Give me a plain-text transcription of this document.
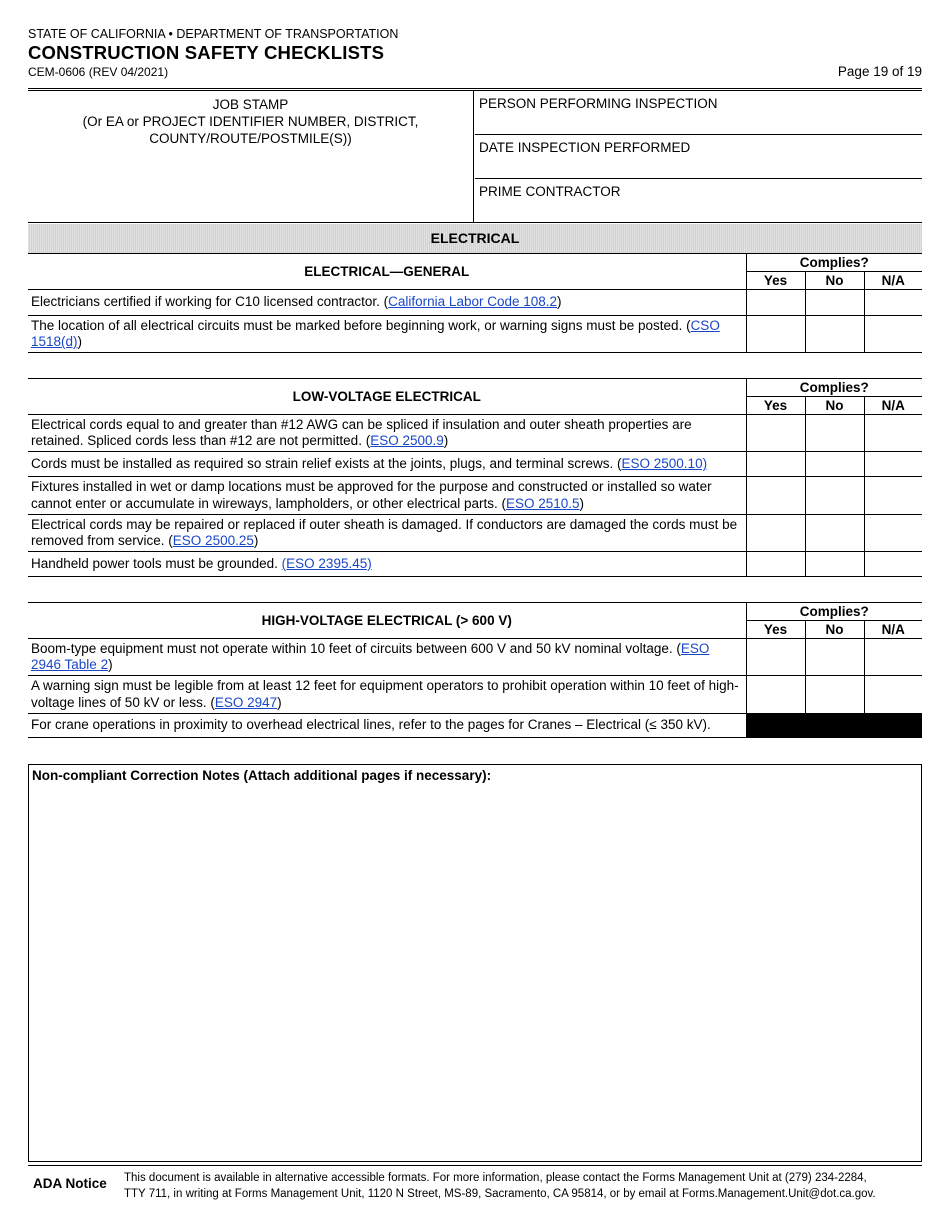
STATE OF CALIFORNIA • DEPARTMENT OF TRANSPORTATION
CONSTRUCTION SAFETY CHECKLISTS
CEM-0606 (REV 04/2021)	Page 19 of 19
JOB STAMP
(Or EA or PROJECT IDENTIFIER NUMBER, DISTRICT,
COUNTY/ROUTE/POSTMILE(S))
PERSON PERFORMING INSPECTION
DATE INSPECTION PERFORMED
PRIME CONTRACTOR
ELECTRICAL
ELECTRICAL—GENERAL	Complies?		
	Yes	No	N/A
Electricians certified if working for C10 licensed contractor. (California Labor Code 108.2)			
The location of all electrical circuits must be marked before beginning work, or warning signs must be posted. (CSO 1518(d))			
LOW-VOLTAGE ELECTRICAL	Complies?		
	Yes	No	N/A
Electrical cords equal to and greater than #12 AWG can be spliced if insulation and outer sheath properties are retained. Spliced cords less than #12 are not permitted. (ESO 2500.9)			
Cords must be installed as required so strain relief exists at the joints, plugs, and terminal screws. (ESO 2500.10)			
Fixtures installed in wet or damp locations must be approved for the purpose and constructed or installed so water cannot enter or accumulate in wireways, lampholders, or other electrical parts. (ESO 2510.5)			
Electrical cords may be repaired or replaced if outer sheath is damaged. If conductors are damaged the cords must be removed from service. (ESO 2500.25)			
Handheld power tools must be grounded. (ESO 2395.45)			
HIGH-VOLTAGE ELECTRICAL (> 600 V)	Complies?		
	Yes	No	N/A
Boom-type equipment must not operate within 10 feet of circuits between 600 V and 50 kV nominal voltage. (ESO 2946 Table 2)			
A warning sign must be legible from at least 12 feet for equipment operators to prohibit operation within 10 feet of high-voltage lines of 50 kV or less. (ESO 2947)			
For crane operations in proximity to overhead electrical lines, refer to the pages for Cranes – Electrical (≤ 350 kV).			
Non-compliant Correction Notes (Attach additional pages if necessary):
ADA Notice This document is available in alternative accessible formats. For more information, please contact the Forms Management Unit at (279) 234-2284,
TTY 711, in writing at Forms Management Unit, 1120 N Street, MS-89, Sacramento, CA 95814, or by email at Forms.Management.Unit@dot.ca.gov.
